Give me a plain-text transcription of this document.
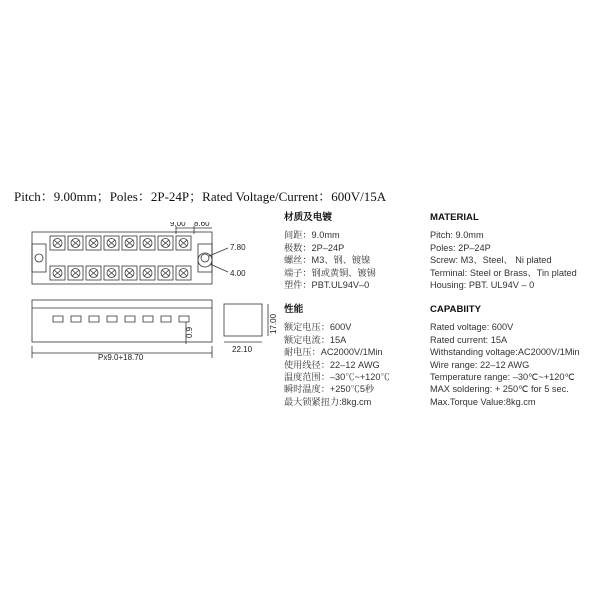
Pitch：9.00mm；Poles：2P-24P；Rated Voltage/Current：600V/15A
9.00 8.60
7.80
4.00
Px9.0+18.70
0.9	17.00
22.10
材质及电镀
间距：9.0mm
极数：2P–24P
螺丝：M3、钢、镀镍
端子：钢或黄铜、镀锡
塑件：PBT.UL94V–0
性能
额定电压：600V
额定电流：15A
耐电压：AC2000V/1Min
使用线径：22–12 AWG
温度范围：–30℃~+120℃
瞬时温度：+250℃5秒
最大锁紧扭力:8kg.cm
MATERIAL
Pitch: 9.0mm
Poles: 2P–24P
Screw: M3、Steel、 Ni plated
Terminal: Steel or Brass、Tin plated
Housing: PBT. UL94V – 0
CAPABIITY
Rated voltage: 600V
Rated current: 15A
Withstanding voltage:AC2000V/1Min
Wire range: 22–12 AWG
Temperature range: –30℃~+120℃
MAX soldering: + 250℃ for 5 sec.
Max.Torque Value:8kg.cm
